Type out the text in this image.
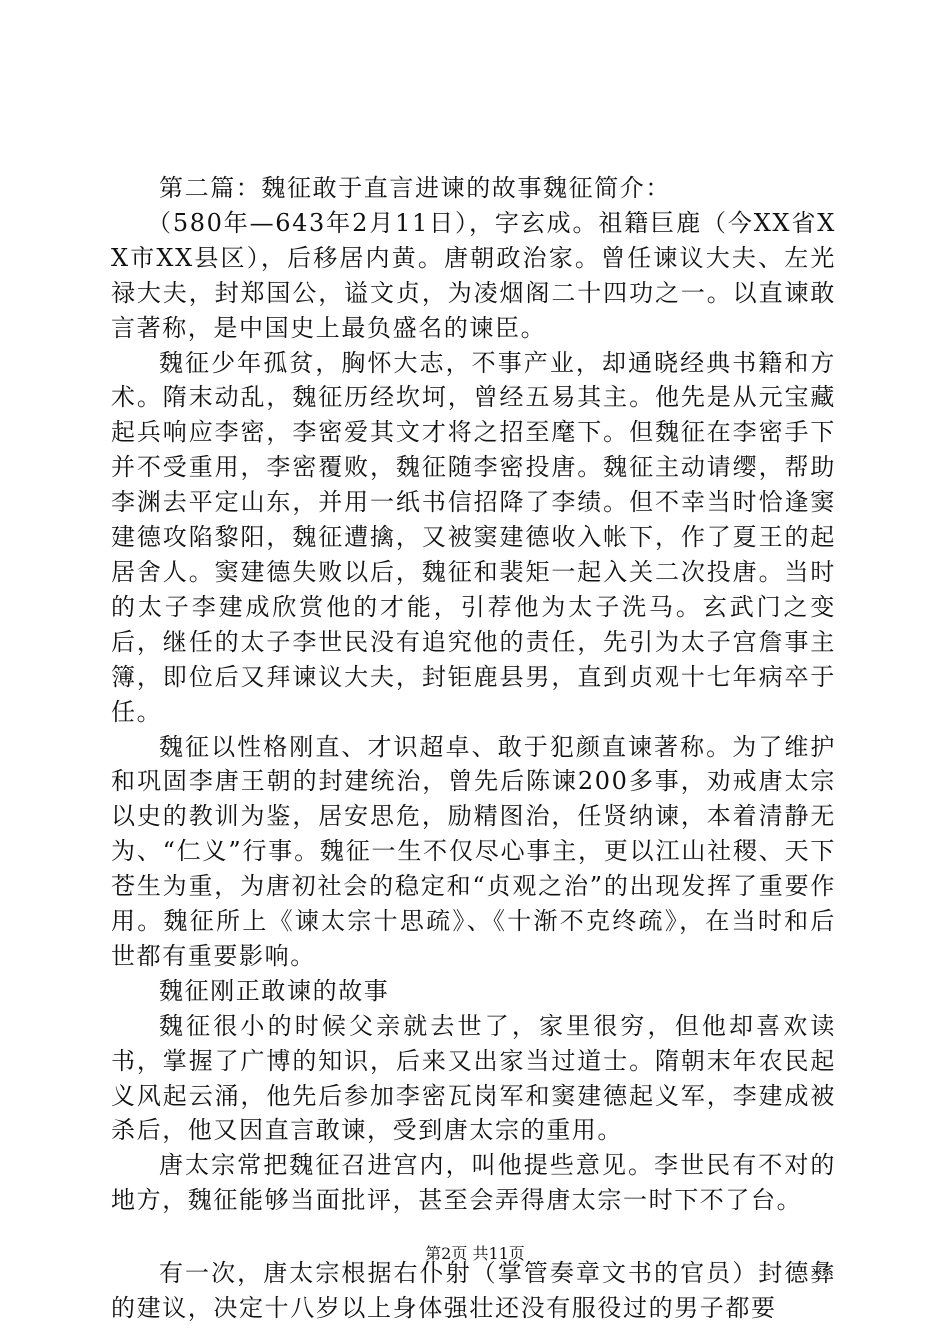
第二篇：魏征敢于直言进谏的故事魏征简介：

（580年—643年2月11日），字玄成。祖籍巨鹿（今XX省XX市XX县区），后移居内黄。唐朝政治家。曾任谏议大夫、左光禄大夫，封郑国公，谥文贞，为凌烟阁二十四功之一。以直谏敢言著称，是中国史上最负盛名的谏臣。

魏征少年孤贫，胸怀大志，不事产业，却通晓经典书籍和方术。隋末动乱，魏征历经坎坷，曾经五易其主。他先是从元宝藏起兵响应李密，李密爱其文才将之招至麾下。但魏征在李密手下并不受重用，李密覆败，魏征随李密投唐。魏征主动请缨，帮助李渊去平定山东，并用一纸书信招降了李绩。但不幸当时恰逢窦建德攻陷黎阳，魏征遭擒，又被窦建德收入帐下，作了夏王的起居舍人。窦建德失败以后，魏征和裴矩一起入关二次投唐。当时的太子李建成欣赏他的才能，引荐他为太子洗马。玄武门之变后，继任的太子李世民没有追究他的责任，先引为太子宫詹事主簿，即位后又拜谏议大夫，封钜鹿县男，直到贞观十七年病卒于任。

魏征以性格刚直、才识超卓、敢于犯颜直谏著称。为了维护和巩固李唐王朝的封建统治，曾先后陈谏200多事，劝戒唐太宗以史的教训为鉴，居安思危，励精图治，任贤纳谏，本着清静无为、“仁义”行事。魏征一生不仅尽心事主，更以江山社稷、天下苍生为重，为唐初社会的稳定和“贞观之治”的出现发挥了重要作用。魏征所上《谏太宗十思疏》、《十渐不克终疏》，在当时和后世都有重要影响。

魏征刚正敢谏的故事

魏征很小的时候父亲就去世了，家里很穷，但他却喜欢读书，掌握了广博的知识，后来又出家当过道士。隋朝末年农民起义风起云涌，他先后参加李密瓦岗军和窦建德起义军，李建成被杀后，他又因直言敢谏，受到唐太宗的重用。

唐太宗常把魏征召进宫内，叫他提些意见。李世民有不对的地方，魏征能够当面批评，甚至会弄得唐太宗一时下不了台。

有一次，唐太宗根据右仆射（掌管奏章文书的官员）封德彝的建议，决定十八岁以上身体强壮还没有服役过的男子都要

第2页 共11页
